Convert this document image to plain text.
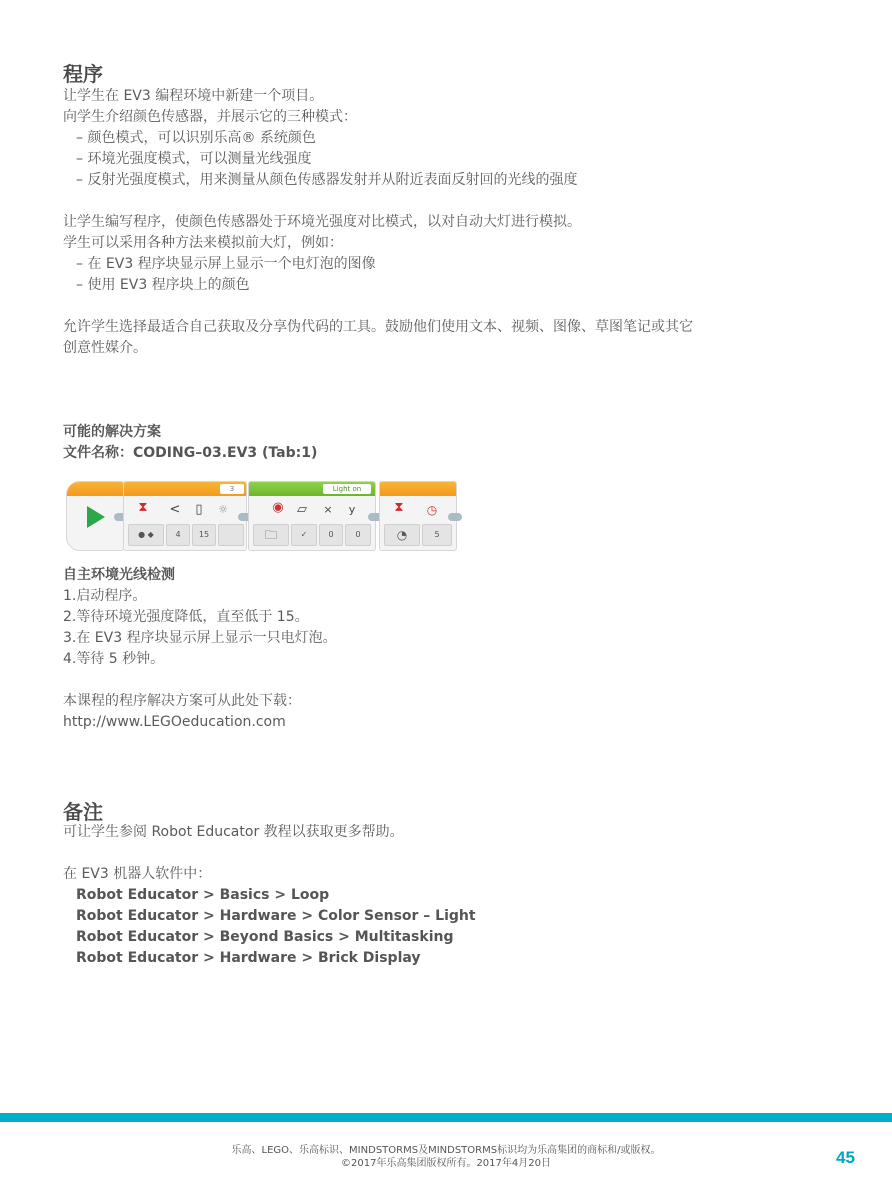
程序
让学生在 EV3 编程环境中新建一个项目。
向学生介绍颜色传感器，并展示它的三种模式：
– 颜色模式，可以识别乐高® 系统颜色
– 环境光强度模式，可以测量光线强度
– 反射光强度模式，用来测量从颜色传感器发射并从附近表面反射回的光线的强度
让学生编写程序，使颜色传感器处于环境光强度对比模式，以对自动大灯进行模拟。
学生可以采用各种方法来模拟前大灯，例如：
– 在 EV3 程序块显示屏上显示一个电灯泡的图像
– 使用 EV3 程序块上的颜色
允许学生选择最适合自己获取及分享伪代码的工具。鼓励他们使用文本、视频、图像、草图笔记或其它
创意性媒介。
可能的解决方案
文件名称：CODING–03.EV3 (Tab:1)
3
⧗	< ▯	☼
● ◆	4	15
Light on
◉ ▱ ×	y
🗀	✓	0	0
⧗	◷
◔	5
自主环境光线检测
1.启动程序。
2.等待环境光强度降低，直至低于 15。
3.在 EV3 程序块显示屏上显示一只电灯泡。
4.等待 5 秒钟。
本课程的程序解决方案可从此处下载：
http://www.LEGOeducation.com
备注
可让学生参阅 Robot Educator 教程以获取更多帮助。
在 EV3 机器人软件中：
Robot Educator > Basics > Loop
Robot Educator > Hardware > Color Sensor – Light
Robot Educator > Beyond Basics > Multitasking
Robot Educator > Hardware > Brick Display
乐高、LEGO、乐高标识、MINDSTORMS及MINDSTORMS标识均为乐高集团的商标和/或版权。
©2017年乐高集团版权所有。2017年4月20日	45
